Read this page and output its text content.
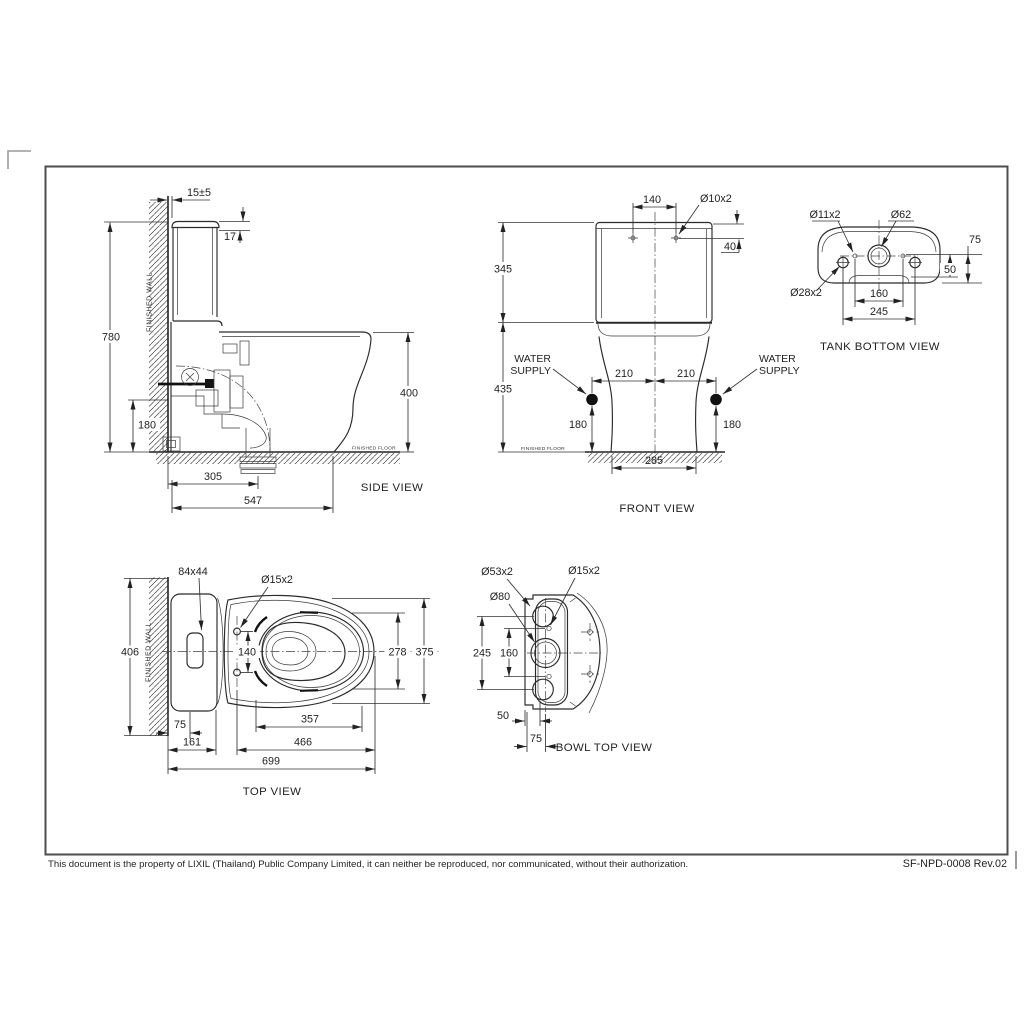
15±5
17
780
180
400
305
547
FINISHED WALL
FINISHED FLOOR
SIDE VIEW
140	Ø10x2
40
345
435
WATER
SUPPLY
WATER
SUPPLY
210	210
180	180
285
FINISHED FLOOR
FRONT VIEW
Ø11x2	Ø62
Ø28x2
75
50
160
245
TANK BOTTOM VIEW
84x44
Ø15x2
140
406	278 375
75
161
357
466
699
FINISHED WALL
TOP VIEW
Ø53x2	Ø15x2
Ø80
245 160
50
75
BOWL TOP VIEW
This document is the property of LIXIL (Thailand) Public Company Limited, it can neither be reproduced, nor communicated, without their authorization.	SF-NPD-0008 Rev.02
